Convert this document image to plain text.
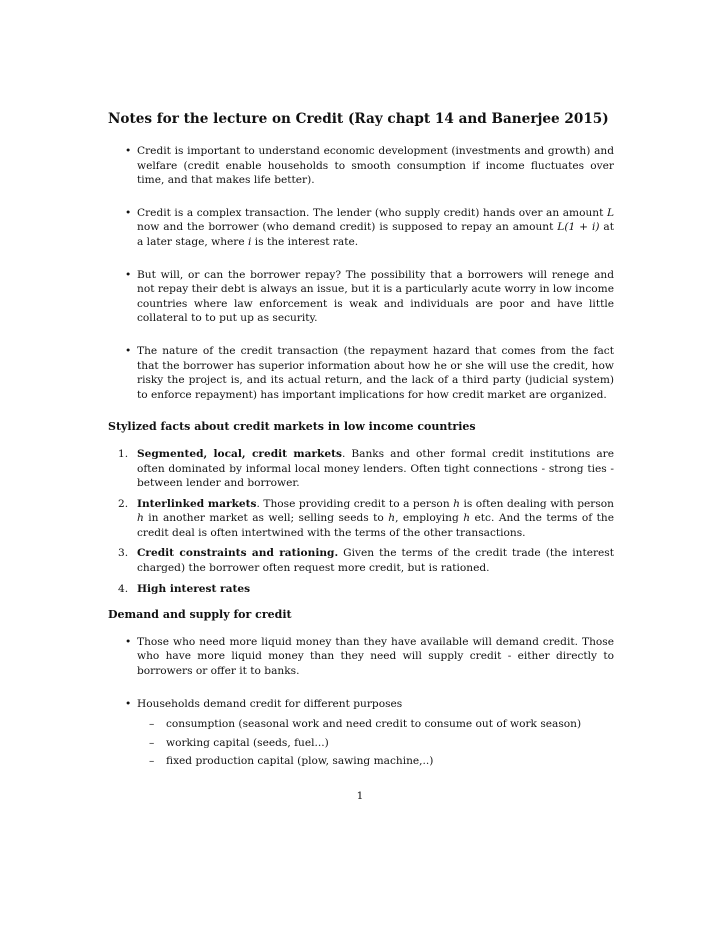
Notes for the lecture on Credit (Ray chapt 14 and Banerjee 2015)
• Credit is important to understand economic development (investments and growth) and welfare (credit enable households to smooth consumption if income fluctuates over time, and that makes life better).
• Credit is a complex transaction. The lender (who supply credit) hands over an amount L now and the borrower (who demand credit) is supposed to repay an amount L(1 + i) at a later stage, where i is the interest rate.
• But will, or can the borrower repay? The possibility that a borrowers will renege and not repay their debt is always an issue, but it is a particularly acute worry in low income countries where law enforcement is weak and individuals are poor and have little collateral to to put up as security.
• The nature of the credit transaction (the repayment hazard that comes from the fact that the borrower has superior information about how he or she will use the credit, how risky the project is, and its actual return, and the lack of a third party (judicial system) to enforce repayment) has important implications for how credit market are organized.
Stylized facts about credit markets in low income countries
1. Segmented, local, credit markets. Banks and other formal credit institutions are often dominated by informal local money lenders. Often tight connections - strong ties - between lender and borrower.
2. Interlinked markets. Those providing credit to a person h is often dealing with person h in another market as well; selling seeds to h, employing h etc. And the terms of the credit deal is often intertwined with the terms of the other transactions.
3. Credit constraints and rationing. Given the terms of the credit trade (the interest charged) the borrower often request more credit, but is rationed.
4. High interest rates
Demand and supply for credit
• Those who need more liquid money than they have available will demand credit. Those who have more liquid money than they need will supply credit - either directly to borrowers or offer it to banks.
• Households demand credit for different purposes
– consumption (seasonal work and need credit to consume out of work season)
– working capital (seeds, fuel...)
– fixed production capital (plow, sawing machine,..)
1
